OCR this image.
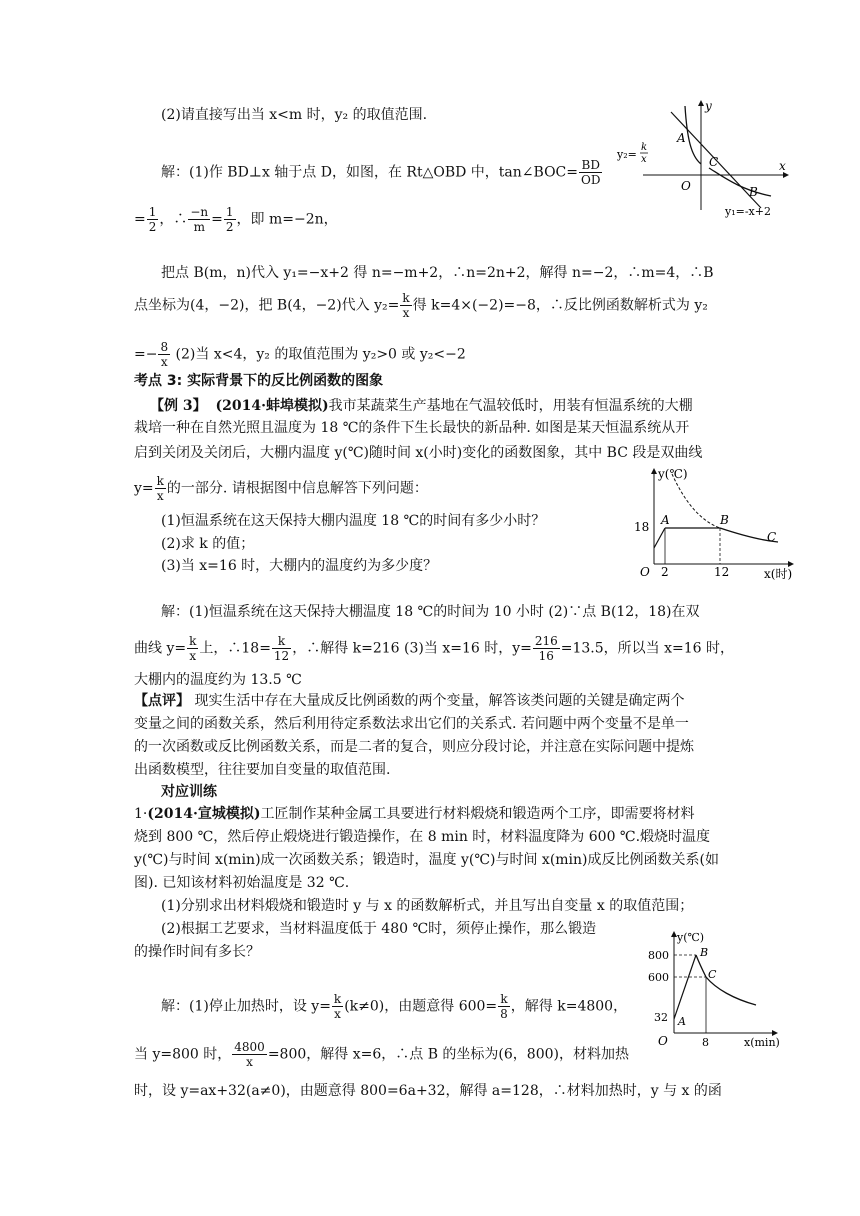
(2)请直接写出当 x<m 时，y₂ 的取值范围.
解：(1)作 BD⊥x 轴于点 D，如图，在 Rt△OBD 中，tan∠BOC= $\frac{BD}{OD}$
= $\frac{1}{2}$ ，∴ $\frac{-n}{m} = \frac{1}{2}$ ，即 m=−2n，
把点 B(m，n)代入 y₁=−x+2 得 n=−m+2，∴n=2n+2，解得 n=−2，∴m=4，∴B
点坐标为(4，−2)，把 B(4，−2)代入 $y_2= \frac{k}{x}$ 得 k=4×(−2)=−8，∴反比例函数解析式为 y₂
=− $\frac{8}{x} (2)$当 x<4，y₂ 的取值范围为 y₂>0 或 y₂<−2
y
x
O
A
C
B
y₂=
k
x
y₁=-x+2
考点 3: 实际背景下的反比例函数的图象
【例 3】 (2014·蚌埠模拟)我市某蔬菜生产基地在气温较低时，用装有恒温系统的大棚
栽培一种在自然光照且温度为 18 ℃的条件下生长最快的新品种. 如图是某天恒温系统从开
启到关闭及关闭后，大棚内温度 y(℃)随时间 x(小时)变化的函数图象，其中 BC 段是双曲线
$y= \frac{k}{x}$ 的一部分. 请根据图中信息解答下列问题：
(1)恒温系统在这天保持大棚内温度 18 ℃的时间有多少小时？
(2)求 k 的值；
(3)当 x=16 时，大棚内的温度约为多少度？
y(℃)
x(时)
O
18
2	12
A	B
C
解：(1)恒温系统在这天保持大棚温度 18 ℃的时间为 10 小时 (2)∵点 B(12，18)在双
曲线 $y= \frac{k}{x}$ 上，∴18= $\frac{k}{12}$ ，∴解得 k=216 (3)当 x=16 时，$y= \frac{216}{16} =13.5$，所以当 x=16 时，
大棚内的温度约为 13.5 ℃
【点评】 现实生活中存在大量成反比例函数的两个变量，解答该类问题的关键是确定两个
变量之间的函数关系，然后利用待定系数法求出它们的关系式. 若问题中两个变量不是单一
的一次函数或反比例函数关系，而是二者的复合，则应分段讨论，并注意在实际问题中提炼
出函数模型，往往要加自变量的取值范围.
对应训练
1·(2014·宣城模拟)工匠制作某种金属工具要进行材料煅烧和锻造两个工序，即需要将材料
烧到 800 ℃，然后停止煅烧进行锻造操作，在 8 min 时，材料温度降为 600 ℃.煅烧时温度
y(℃)与时间 x(min)成一次函数关系；锻造时，温度 y(℃)与时间 x(min)成反比例函数关系(如
图). 已知该材料初始温度是 32 ℃.
(1)分别求出材料煅烧和锻造时 y 与 x 的函数解析式，并且写出自变量 x 的取值范围；
(2)根据工艺要求，当材料温度低于 480 ℃时，须停止操作，那么锻造
的操作时间有多长？
y(℃)
x(min)
O
800
600
32
8
A
B
C
解：(1)停止加热时，设 $y= \frac{k}{x} (k\ne 0)$，由题意得 $600= \frac{k}{8}$ ，解得 k=4800，
当 y=800 时， $\frac{4800}{x} =800$，解得 x=6，∴点 B 的坐标为(6，800)，材料加热
时，设 y=ax+32(a≠0)，由题意得 800=6a+32，解得 a=128，∴材料加热时，y 与 x 的函
